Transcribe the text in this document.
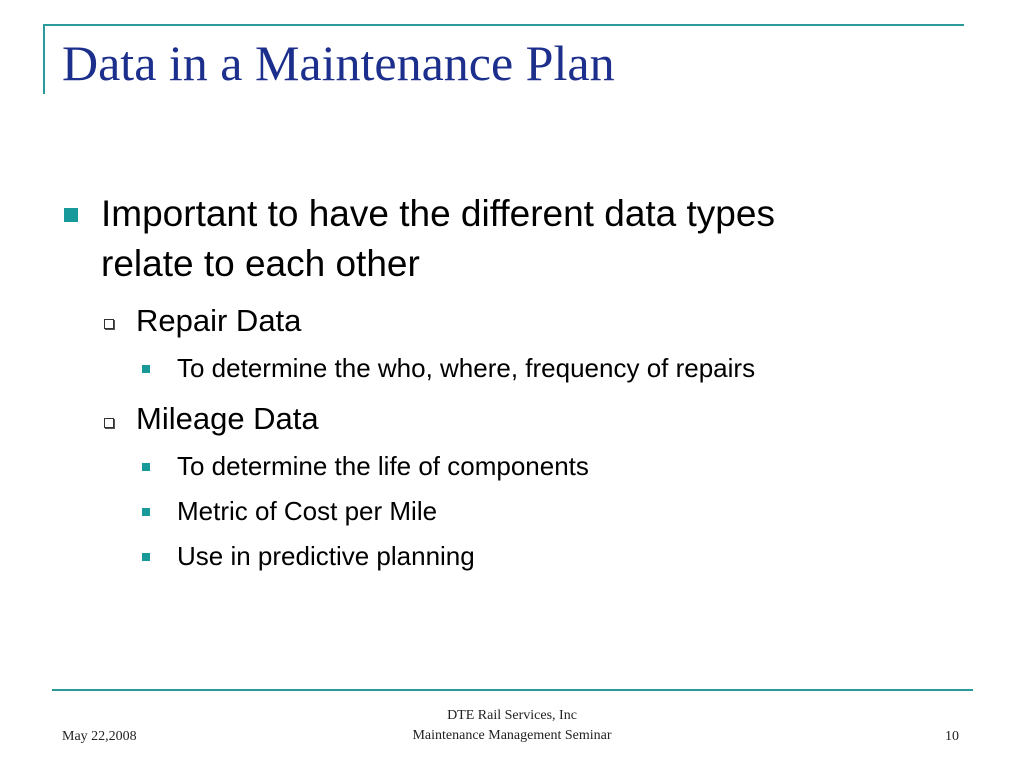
Data in a Maintenance Plan
Important to have the different data types
relate to each other
Repair Data
To determine the who, where, frequency of repairs
Mileage Data
To determine the life of components
Metric of Cost per Mile
Use in predictive planning
May 22,2008
DTE Rail Services, Inc
Maintenance Management Seminar	10
